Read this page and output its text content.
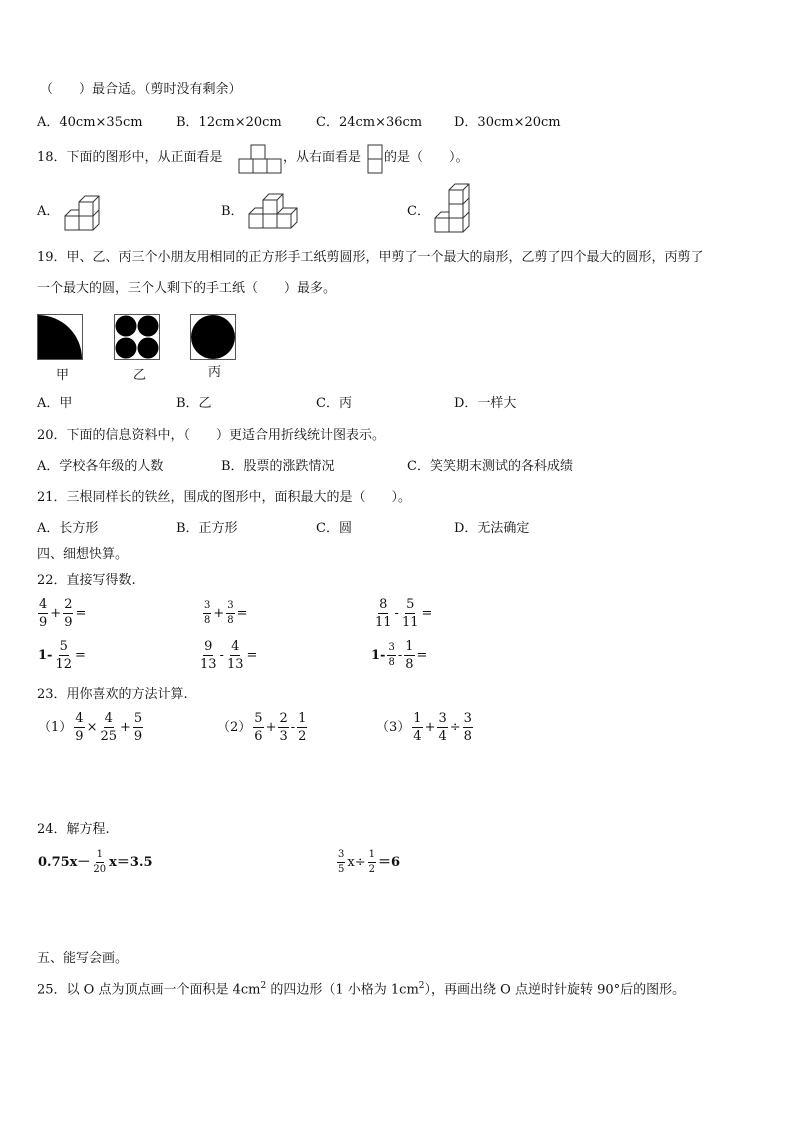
（　　）最合适。（剪时没有剩余）
A．40cm×35cm	B．12cm×20cm	C．24cm×36cm D．30cm×20cm
18．下面的图形中，从正面看是	，从右面看是 的是（　　）。
A．	B．	C．
19．甲、乙、丙三个小朋友用相同的正方形手工纸剪圆形，甲剪了一个最大的扇形，乙剪了四个最大的圆形，丙剪了
一个最大的圆，三个人剩下的手工纸（　　）最多。
甲	乙	丙
A．甲	B．乙	C．丙	D．一样大
20．下面的信息资料中，（　　）更适合用折线统计图表示。
A．学校各年级的人数	B．股票的涨跌情况	C．笑笑期末测试的各科成绩
21．三根同样长的铁丝，围成的图形中，面积最大的是（　　）。
A．长方形	B．正方形	C．圆	D．无法确定
四、细想快算。
22．直接写得数.
$\frac{4}{9} + \frac{2}{9}$ =	$\frac{3}{8} + \frac{3}{8}$ =	$\frac{8}{11} - \frac{5}{11}$ =
$1- \frac{5}{12}$ =	$\frac{9}{13} - \frac{4}{13}$ =	$1- \frac{3}{8} - \frac{1}{8}$ =
23．用你喜欢的方法计算.
$(1) \frac{4}{9} \times \frac{4}{25} + \frac{5}{9}$	$(2) \frac{5}{6} + \frac{2}{3} - \frac{1}{2}$	$(3) \frac{1}{4} + \frac{3}{4} \div \frac{3}{8}$
24．解方程.
$0.75x- \frac{1}{20} x=3.5$	$\frac{3}{5} x\div \frac{1}{2} =6$
五、能写会画。
25．以 O 点为顶点画一个面积是 $4cm^2$ 的四边形（1 小格为 $1cm^2$），再画出绕 O 点逆时针旋转 90°后的图形。
